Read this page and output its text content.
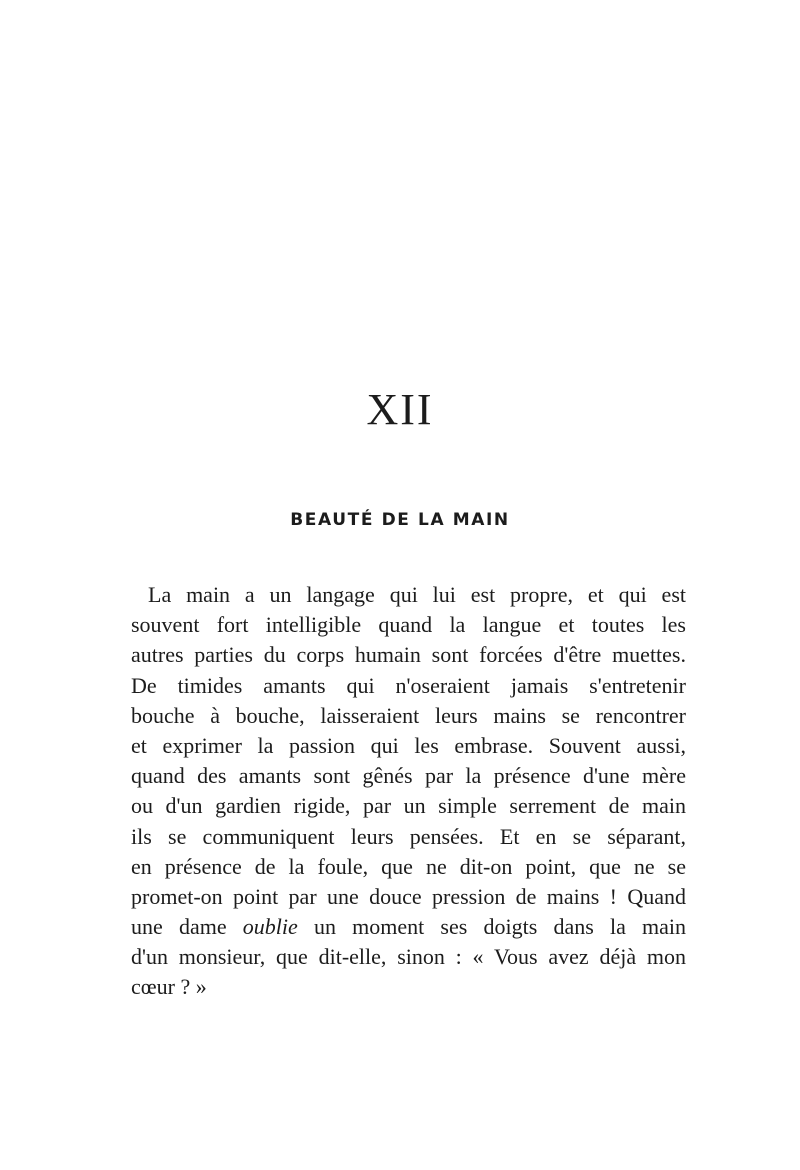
XII
BEAUTÉ DE LA MAIN
La main a un langage qui lui est propre, et qui est
souvent fort intelligible quand la langue et toutes les
autres parties du corps humain sont forcées d'être muettes.
De timides amants qui n'oseraient jamais s'entretenir
bouche à bouche, laisseraient leurs mains se rencontrer
et exprimer la passion qui les embrase. Souvent aussi,
quand des amants sont gênés par la présence d'une mère
ou d'un gardien rigide, par un simple serrement de main
ils se communiquent leurs pensées. Et en se séparant,
en présence de la foule, que ne dit-on point, que ne se
promet-on point par une douce pression de mains ! Quand
une dame oublie un moment ses doigts dans la main
d'un monsieur, que dit-elle, sinon : « Vous avez déjà mon
cœur ? »
